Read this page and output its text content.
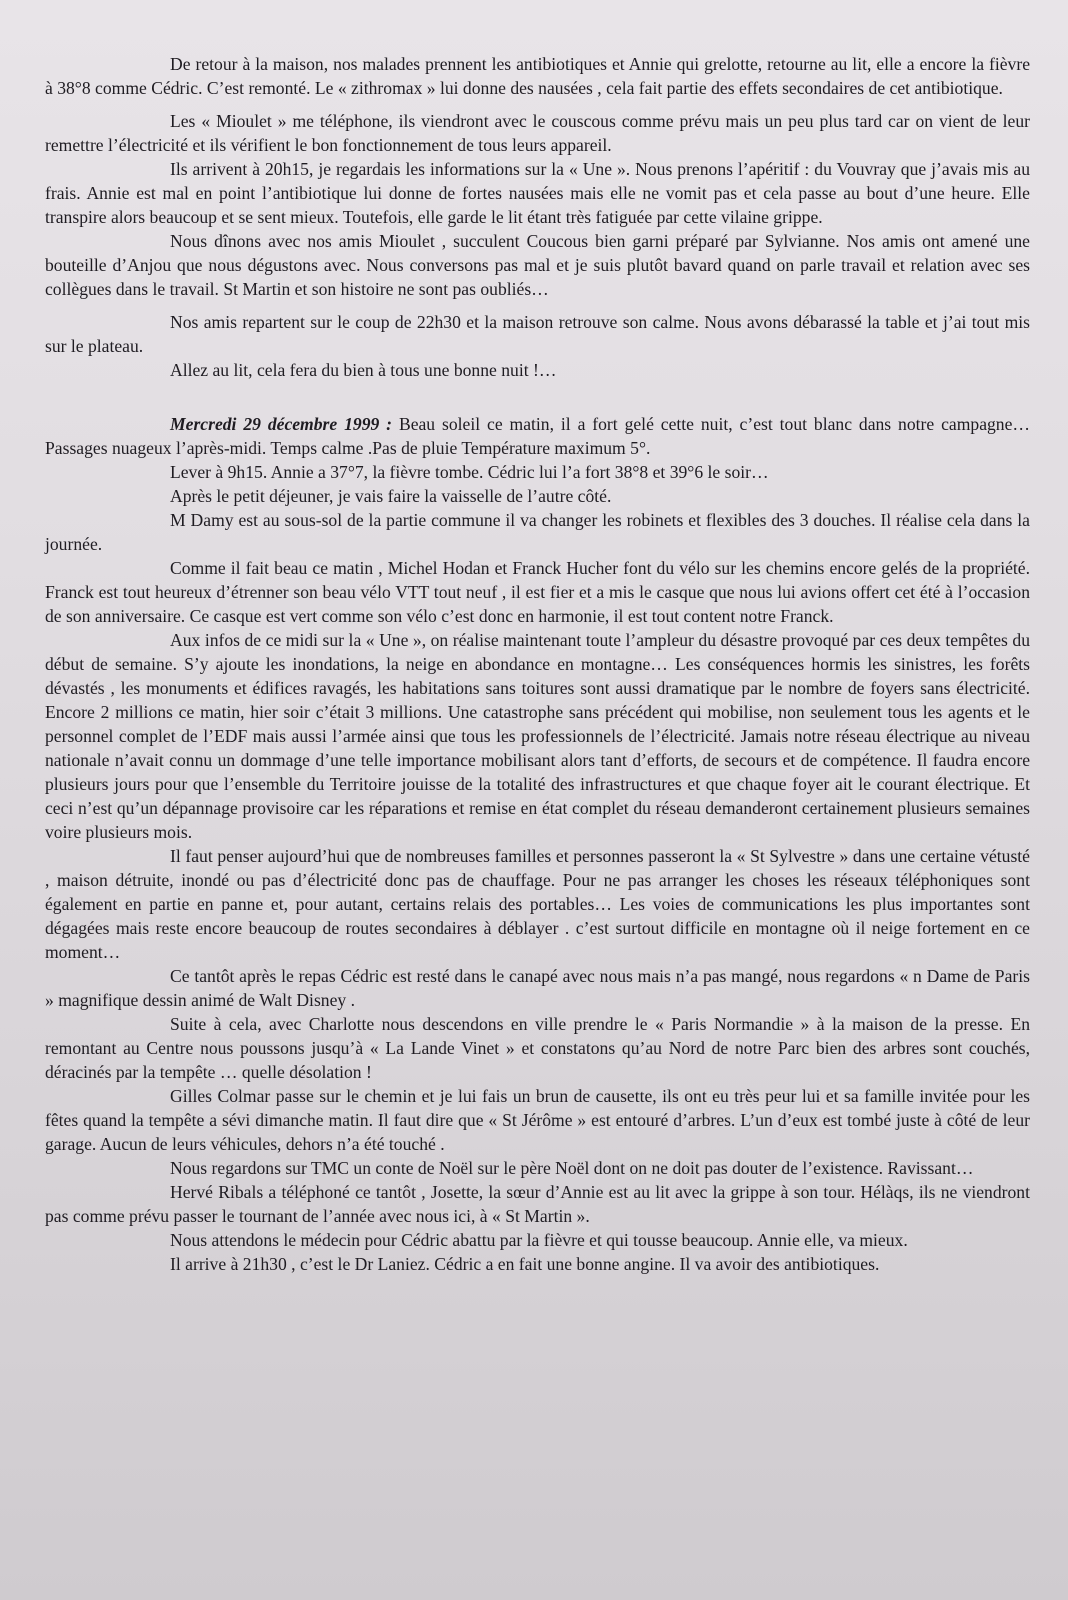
De retour à la maison, nos malades prennent les antibiotiques et Annie qui grelotte, retourne au lit, elle a encore la fièvre à 38°8 comme Cédric. C’est remonté. Le « zithromax » lui donne des nausées , cela fait partie des effets secondaires de cet antibiotique.

Les « Mioulet » me téléphone, ils viendront avec le couscous comme prévu mais un peu plus tard car on vient de leur remettre l’électricité et ils vérifient le bon fonctionnement de tous leurs appareil.

Ils arrivent à 20h15, je regardais les informations sur la « Une ». Nous prenons l’apéritif : du Vouvray que j’avais mis au frais. Annie est mal en point l’antibiotique lui donne de fortes nausées mais elle ne vomit pas et cela passe au bout d’une heure. Elle transpire alors beaucoup et se sent mieux. Toutefois, elle garde le lit étant très fatiguée par cette vilaine grippe.

Nous dînons avec nos amis Mioulet , succulent Coucous bien garni préparé par Sylvianne. Nos amis ont amené une bouteille d’Anjou que nous dégustons avec. Nous conversons pas mal et je suis plutôt bavard quand on parle travail et relation avec ses collègues dans le travail. St Martin et son histoire ne sont pas oubliés…

Nos amis repartent sur le coup de 22h30 et la maison retrouve son calme. Nous avons débarassé la table et j’ai tout mis sur le plateau.

Allez au lit, cela fera du bien à tous une bonne nuit !…

Mercredi 29 décembre 1999 : Beau soleil ce matin, il a fort gelé cette nuit, c’est tout blanc dans notre campagne… Passages nuageux l’après-midi. Temps calme .Pas de pluie Température maximum 5°.

Lever à 9h15. Annie a 37°7, la fièvre tombe. Cédric lui l’a fort 38°8 et 39°6 le soir…

Après le petit déjeuner, je vais faire la vaisselle de l’autre côté.

M Damy est au sous-sol de la partie commune il va changer les robinets et flexibles des 3 douches. Il réalise cela dans la journée.

Comme il fait beau ce matin , Michel Hodan et Franck Hucher font du vélo sur les chemins encore gelés de la propriété. Franck est tout heureux d’étrenner son beau vélo VTT tout neuf , il est fier et a mis le casque que nous lui avions offert cet été à l’occasion de son anniversaire. Ce casque est vert comme son vélo c’est donc en harmonie, il est tout content notre Franck.

Aux infos de ce midi sur la « Une », on réalise maintenant toute l’ampleur du désastre provoqué par ces deux tempêtes du début de semaine. S’y ajoute les inondations, la neige en abondance en montagne… Les conséquences hormis les sinistres, les forêts dévastés , les monuments et édifices ravagés, les habitations sans toitures sont aussi dramatique par le nombre de foyers sans électricité. Encore 2 millions ce matin, hier soir c’était 3 millions. Une catastrophe sans précédent qui mobilise, non seulement tous les agents et le personnel complet de l’EDF mais aussi l’armée ainsi que tous les professionnels de l’électricité. Jamais notre réseau électrique au niveau nationale n’avait connu un dommage d’une telle importance mobilisant alors tant d’efforts, de secours et de compétence. Il faudra encore plusieurs jours pour que l’ensemble du Territoire jouisse de la totalité des infrastructures et que chaque foyer ait le courant électrique. Et ceci n’est qu’un dépannage provisoire car les réparations et remise en état complet du réseau demanderont certainement plusieurs semaines voire plusieurs mois.

Il faut penser aujourd’hui que de nombreuses familles et personnes passeront la « St Sylvestre » dans une certaine vétusté , maison détruite, inondé ou pas d’électricité donc pas de chauffage. Pour ne pas arranger les choses les réseaux téléphoniques sont également en partie en panne et, pour autant, certains relais des portables… Les voies de communications les plus importantes sont dégagées mais reste encore beaucoup de routes secondaires à déblayer . c’est surtout difficile en montagne où il neige fortement en ce moment…

Ce tantôt après le repas Cédric est resté dans le canapé avec nous mais n’a pas mangé, nous regardons « n Dame de Paris » magnifique dessin animé de Walt Disney .

Suite à cela, avec Charlotte nous descendons en ville prendre le « Paris Normandie » à la maison de la presse. En remontant au Centre nous poussons jusqu’à « La Lande Vinet » et constatons qu’au Nord de notre Parc bien des arbres sont couchés, déracinés par la tempête … quelle désolation !

Gilles Colmar passe sur le chemin et je lui fais un brun de causette, ils ont eu très peur lui et sa famille invitée pour les fêtes quand la tempête a sévi dimanche matin. Il faut dire que « St Jérôme » est entouré d’arbres. L’un d’eux est tombé juste à côté de leur garage. Aucun de leurs véhicules, dehors n’a été touché .

Nous regardons sur TMC un conte de Noël sur le père Noël dont on ne doit pas douter de l’existence. Ravissant…

Hervé Ribals a téléphoné ce tantôt , Josette, la sœur d’Annie est au lit avec la grippe à son tour. Hélàqs, ils ne viendront pas comme prévu passer le tournant de l’année avec nous ici, à « St Martin ».

Nous attendons le médecin pour Cédric abattu par la fièvre et qui tousse beaucoup. Annie elle, va mieux.

Il arrive à 21h30 , c’est le Dr Laniez. Cédric a en fait une bonne angine. Il va avoir des antibiotiques.
